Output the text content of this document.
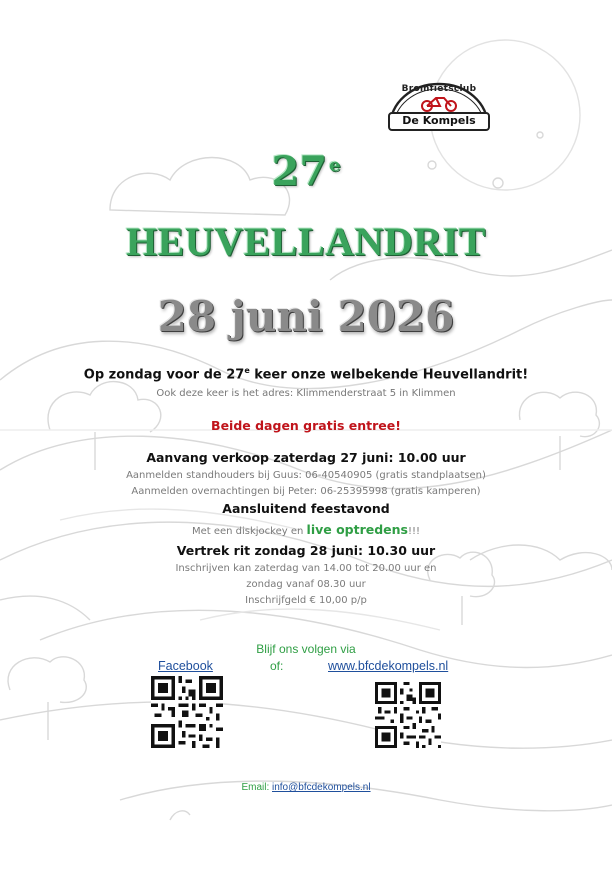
Bromfietsclub
De Kompels
27 $^e$
HEUVELLANDRIT
28 juni 2026
Op zondag voor de 27e keer onze welbekende Heuvellandrit!
Ook deze keer is het adres: Klimmenderstraat 5 in Klimmen
Beide dagen gratis entree!
Aanvang verkoop zaterdag 27 juni: 10.00 uur
Aanmelden standhouders bij Guus: 06-40540905 (gratis standplaatsen)
Aanmelden overnachtingen bij Peter: 06-25395998 (gratis kamperen)
Aansluitend feestavond
Met een diskjockey en live optredens!!!
Vertrek rit zondag 28 juni: 10.30 uur
Inschrijven kan zaterdag van 14.00 tot 20.00 uur en
zondag vanaf 08.30 uur
Inschrijfgeld € 10,00 p/p
Blijf ons volgen via
Facebook	of:	www.bfcdekompels.nl
Email: info@bfcdekompels.nl
